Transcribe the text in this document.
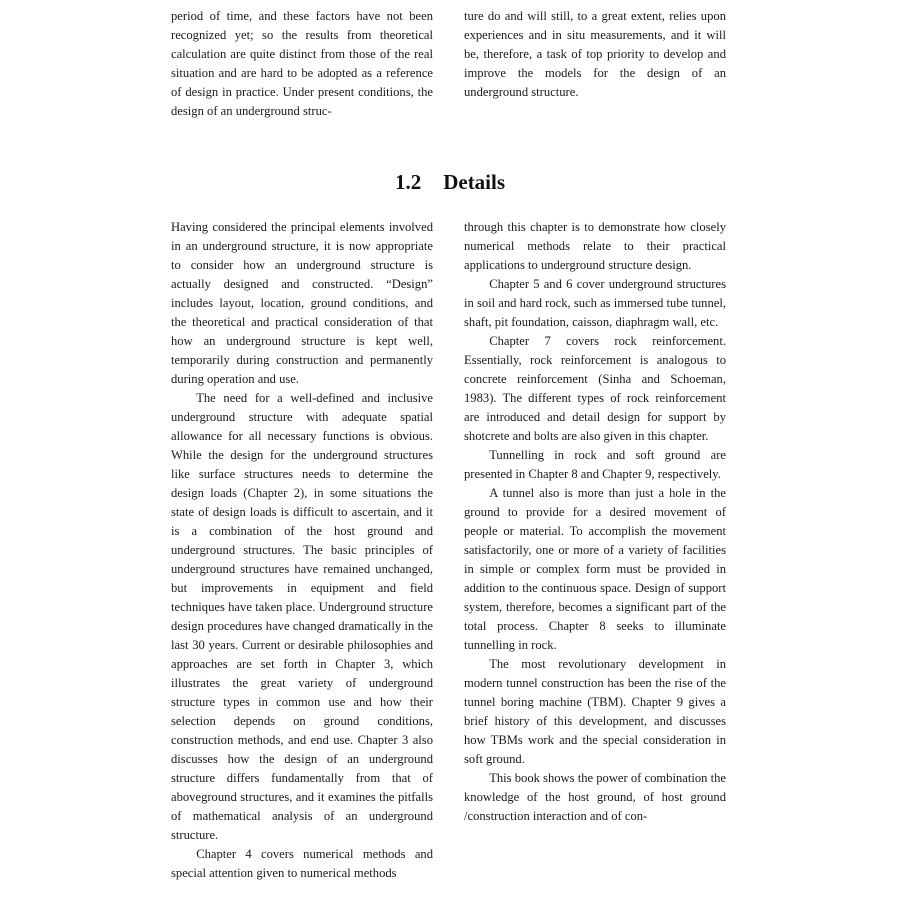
period of time, and these factors have not been recognized yet; so the results from theoretical calculation are quite distinct from those of the real situation and are hard to be adopted as a reference of design in practice. Under present conditions, the design of an underground struc-

ture do and will still, to a great extent, relies upon experiences and in situ measurements, and it will be, therefore, a task of top priority to develop and improve the models for the design of an underground structure.

1.2 Details

Having considered the principal elements involved in an underground structure, it is now appropriate to consider how an underground structure is actually designed and constructed. “Design” includes layout, location, ground conditions, and the theoretical and practical consideration of that how an underground structure is kept well, temporarily during construction and permanently during operation and use.

The need for a well-defined and inclusive underground structure with adequate spatial allowance for all necessary functions is obvious. While the design for the underground structures like surface structures needs to determine the design loads (Chapter 2), in some situations the state of design loads is difficult to ascertain, and it is a combination of the host ground and underground structures. The basic principles of underground structures have remained unchanged, but improvements in equipment and field techniques have taken place. Underground structure design procedures have changed dramatically in the last 30 years. Current or desirable philosophies and approaches are set forth in Chapter 3, which illustrates the great variety of underground structure types in common use and how their selection depends on ground conditions, construction methods, and end use. Chapter 3 also discusses how the design of an underground structure differs fundamentally from that of aboveground structures, and it examines the pitfalls of mathematical analysis of an underground structure.

Chapter 4 covers numerical methods and special attention given to numerical methods

through this chapter is to demonstrate how closely numerical methods relate to their practical applications to underground structure design.

Chapter 5 and 6 cover underground structures in soil and hard rock, such as immersed tube tunnel, shaft, pit foundation, caisson, diaphragm wall, etc.

Chapter 7 covers rock reinforcement. Essentially, rock reinforcement is analogous to concrete reinforcement (Sinha and Schoeman, 1983). The different types of rock reinforcement are introduced and detail design for support by shotcrete and bolts are also given in this chapter.

Tunnelling in rock and soft ground are presented in Chapter 8 and Chapter 9, respectively.

A tunnel also is more than just a hole in the ground to provide for a desired movement of people or material. To accomplish the movement satisfactorily, one or more of a variety of facilities in simple or complex form must be provided in addition to the continuous space. Design of support system, therefore, becomes a significant part of the total process. Chapter 8 seeks to illuminate tunnelling in rock.

The most revolutionary development in modern tunnel construction has been the rise of the tunnel boring machine (TBM). Chapter 9 gives a brief history of this development, and discusses how TBMs work and the special consideration in soft ground.

This book shows the power of combination the knowledge of the host ground, of host ground /construction interaction and of con-
